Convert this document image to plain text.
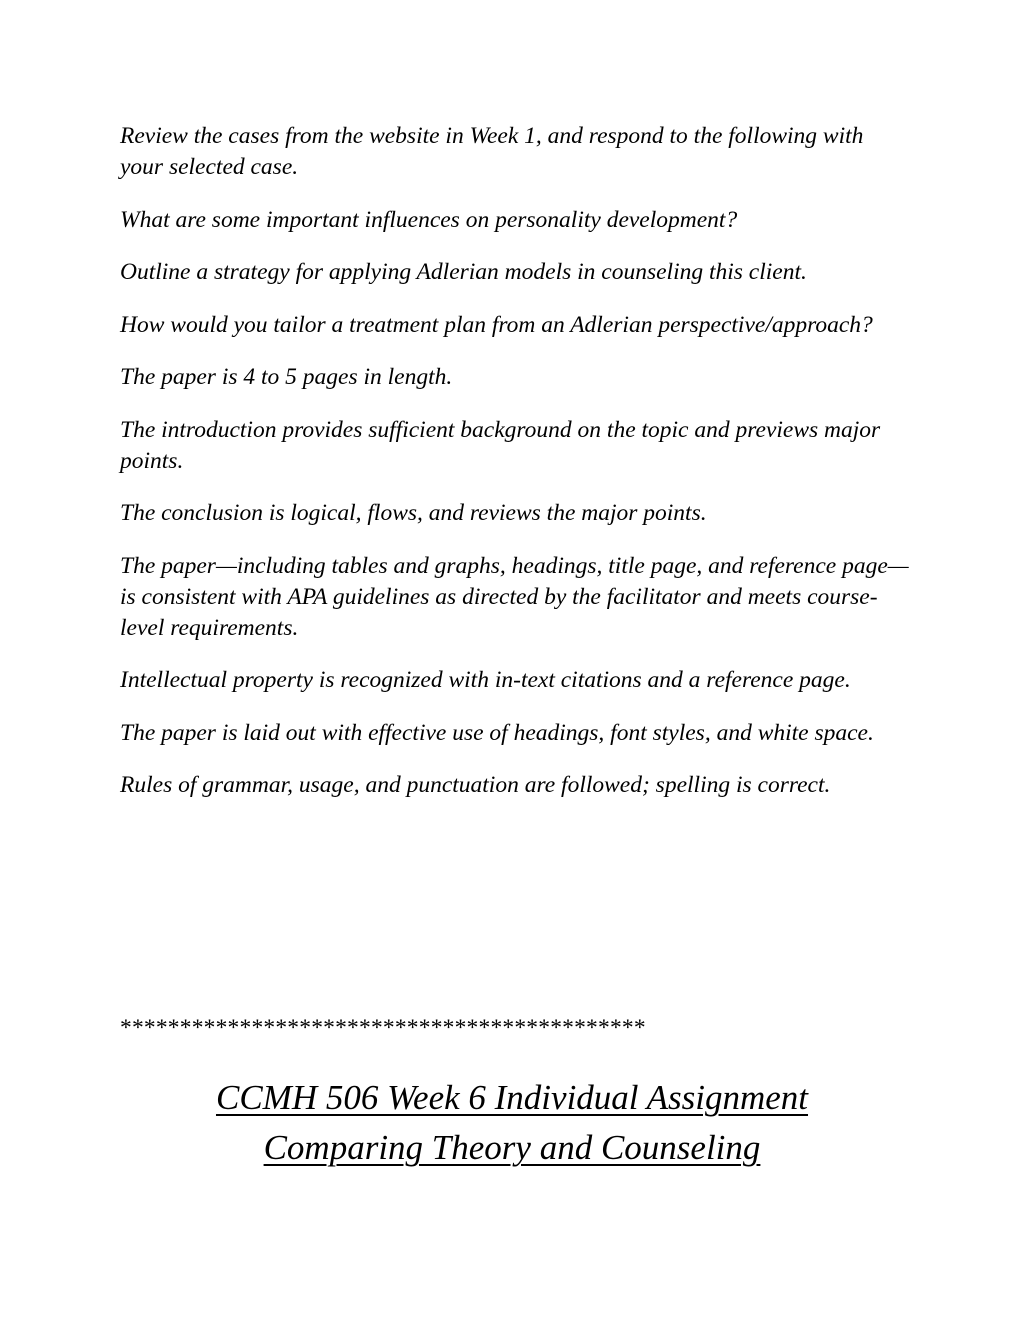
Review the cases from the website in Week 1, and respond to the following with your selected case.

What are some important influences on personality development?

Outline a strategy for applying Adlerian models in counseling this client.

How would you tailor a treatment plan from an Adlerian perspective/approach?

The paper is 4 to 5 pages in length.

The introduction provides sufficient background on the topic and previews major points.

The conclusion is logical, flows, and reviews the major points.

The paper—including tables and graphs, headings, title page, and reference page— is consistent with APA guidelines as directed by the facilitator and meets course-level requirements.

Intellectual property is recognized with in-text citations and a reference page.

The paper is laid out with effective use of headings, font styles, and white space.

Rules of grammar, usage, and punctuation are followed; spelling is correct.

********************************************
CCMH 506 Week 6 Individual Assignment
Comparing Theory and Counseling
